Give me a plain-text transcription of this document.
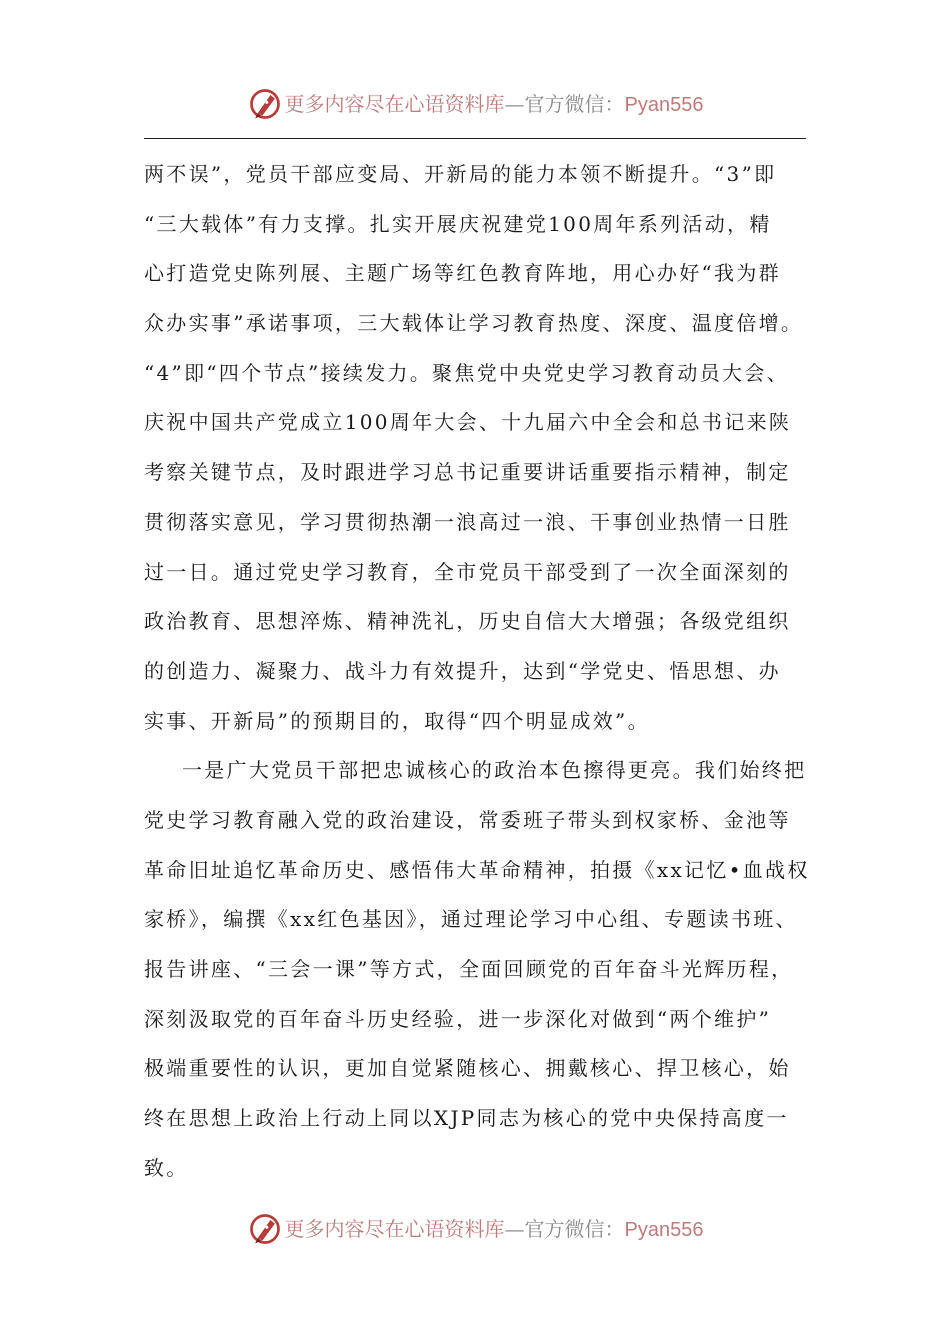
更多内容尽在心语资料库—官方微信：Pyan556
两不误”，党员干部应变局、开新局的能力本领不断提升。“3”即
“三大载体”有力支撑。扎实开展庆祝建党100周年系列活动，精
心打造党史陈列展、主题广场等红色教育阵地，用心办好“我为群
众办实事”承诺事项，三大载体让学习教育热度、深度、温度倍增。
“4”即“四个节点”接续发力。聚焦党中央党史学习教育动员大会、
庆祝中国共产党成立100周年大会、十九届六中全会和总书记来陕
考察关键节点，及时跟进学习总书记重要讲话重要指示精神，制定
贯彻落实意见，学习贯彻热潮一浪高过一浪、干事创业热情一日胜
过一日。通过党史学习教育，全市党员干部受到了一次全面深刻的
政治教育、思想淬炼、精神洗礼，历史自信大大增强；各级党组织
的创造力、凝聚力、战斗力有效提升，达到“学党史、悟思想、办
实事、开新局”的预期目的，取得“四个明显成效”。
一是广大党员干部把忠诚核心的政治本色擦得更亮。我们始终把
党史学习教育融入党的政治建设，常委班子带头到权家桥、金池等
革命旧址追忆革命历史、感悟伟大革命精神，拍摄《xx记忆•血战权
家桥》，编撰《xx红色基因》，通过理论学习中心组、专题读书班、
报告讲座、“三会一课”等方式，全面回顾党的百年奋斗光辉历程，
深刻汲取党的百年奋斗历史经验，进一步深化对做到“两个维护”
极端重要性的认识，更加自觉紧随核心、拥戴核心、捍卫核心，始
终在思想上政治上行动上同以XJP同志为核心的党中央保持高度一
致。
更多内容尽在心语资料库—官方微信：Pyan556
